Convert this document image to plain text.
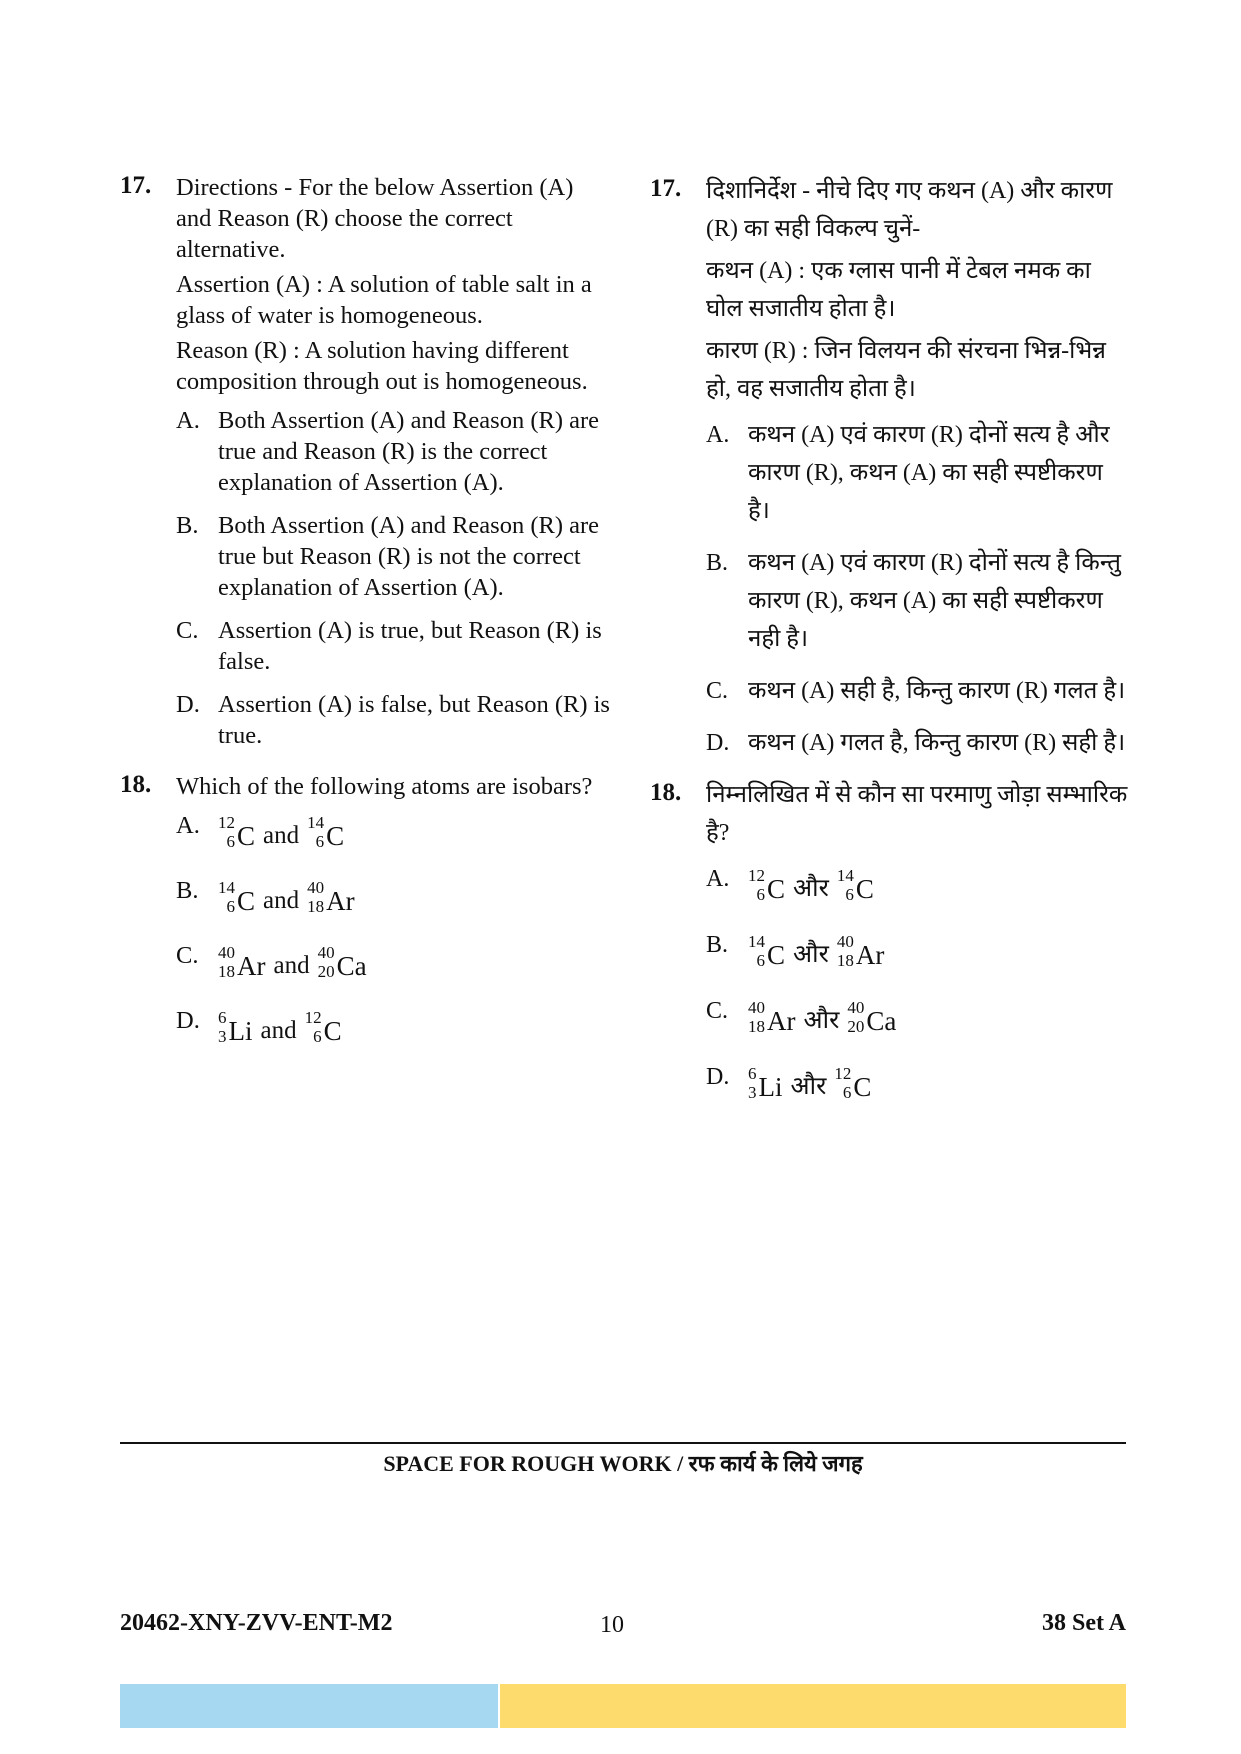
17. Directions - For the below Assertion (A) and Reason (R) choose the correct alternative.

Assertion (A) : A solution of table salt in a glass of water is homogeneous.

Reason (R) : A solution having different composition through out is homogeneous.

A. Both Assertion (A) and Reason (R) are true and Reason (R) is the correct explanation of Assertion (A).
B. Both Assertion (A) and Reason (R) are true but Reason (R) is not the correct explanation of Assertion (A).
C. Assertion (A) is true, but Reason (R) is false.
D. Assertion (A) is false, but Reason (R) is true.
18. Which of the following atoms are isobars?

A. 12
6 C and 14
6 C
B. 14
6 C and 40
18 Ar
C. 40
18 Ar and 40
20 Ca
D. 6
3 Li and 12
6 C
17. दिशानिर्देश - नीचे दिए गए कथन (A) और कारण (R) का सही विकल्प चुनें-

कथन (A) : एक ग्लास पानी में टेबल नमक का घोल सजातीय होता है।

कारण (R) : जिन विलयन की संरचना भिन्न-भिन्न हो, वह सजातीय होता है।

A. कथन (A) एवं कारण (R) दोनों सत्य है और कारण (R), कथन (A) का सही स्पष्टीकरण है।
B. कथन (A) एवं कारण (R) दोनों सत्य है किन्तु कारण (R), कथन (A) का सही स्पष्टीकरण नही है।
C. कथन (A) सही है, किन्तु कारण (R) गलत है।
D. कथन (A) गलत है, किन्तु कारण (R) सही है।
18. निम्नलिखित में से कौन सा परमाणु जोड़ा सम्भारिक है?

A. 12
6 C और 14
6 C
B. 14
6 C और 40
18 Ar
C. 40
18 Ar और 40
20 Ca
D. 6
3 Li और 12
6 C
SPACE FOR ROUGH WORK / रफ कार्य के लिये जगह
20462-XNY-ZVV-ENT-M2	10	38 Set A
